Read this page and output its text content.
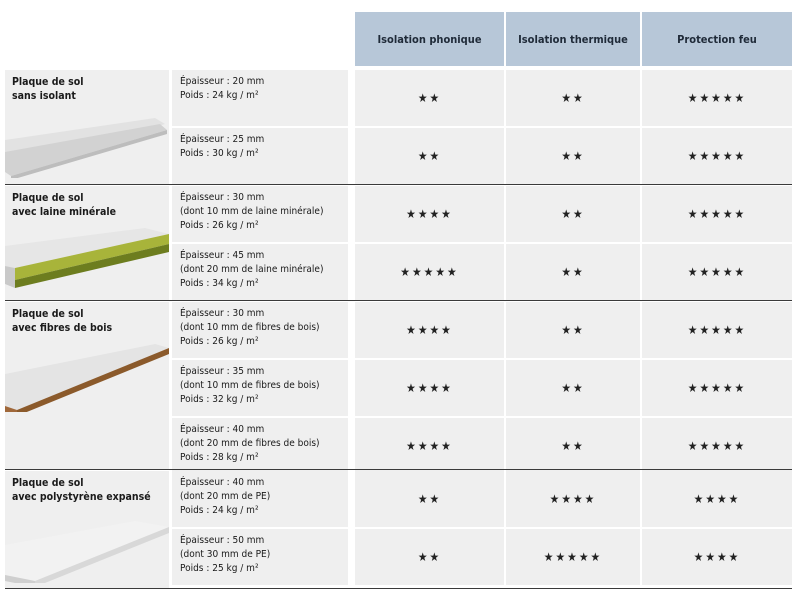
Isolation phonique	Isolation thermique	Protection feu
Plaque de sol
sans isolant
Épaisseur : 20 mm
Poids : 24 kg / m²	★★	★★	★★★★★
Épaisseur : 25 mm
Poids : 30 kg / m²	★★	★★	★★★★★
Plaque de sol
avec laine minérale
Épaisseur : 30 mm
(dont 10 mm de laine minérale)
Poids : 26 kg / m²
★★★★	★★	★★★★★
Épaisseur : 45 mm
(dont 20 mm de laine minérale)
Poids : 34 kg / m²
★★★★★	★★	★★★★★
Plaque de sol
avec fibres de bois
Épaisseur : 30 mm
(dont 10 mm de fibres de bois)
Poids : 26 kg / m²
★★★★	★★	★★★★★
Épaisseur : 35 mm
(dont 10 mm de fibres de bois)
Poids : 32 kg / m²
★★★★	★★	★★★★★
Épaisseur : 40 mm
(dont 20 mm de fibres de bois)
Poids : 28 kg / m²
★★★★	★★	★★★★★
Plaque de sol
avec polystyrène expansé
Épaisseur : 40 mm
(dont 20 mm de PE)
Poids : 24 kg / m²
★★	★★★★	★★★★
Épaisseur : 50 mm
(dont 30 mm de PE)
Poids : 25 kg / m²
★★	★★★★★	★★★★
